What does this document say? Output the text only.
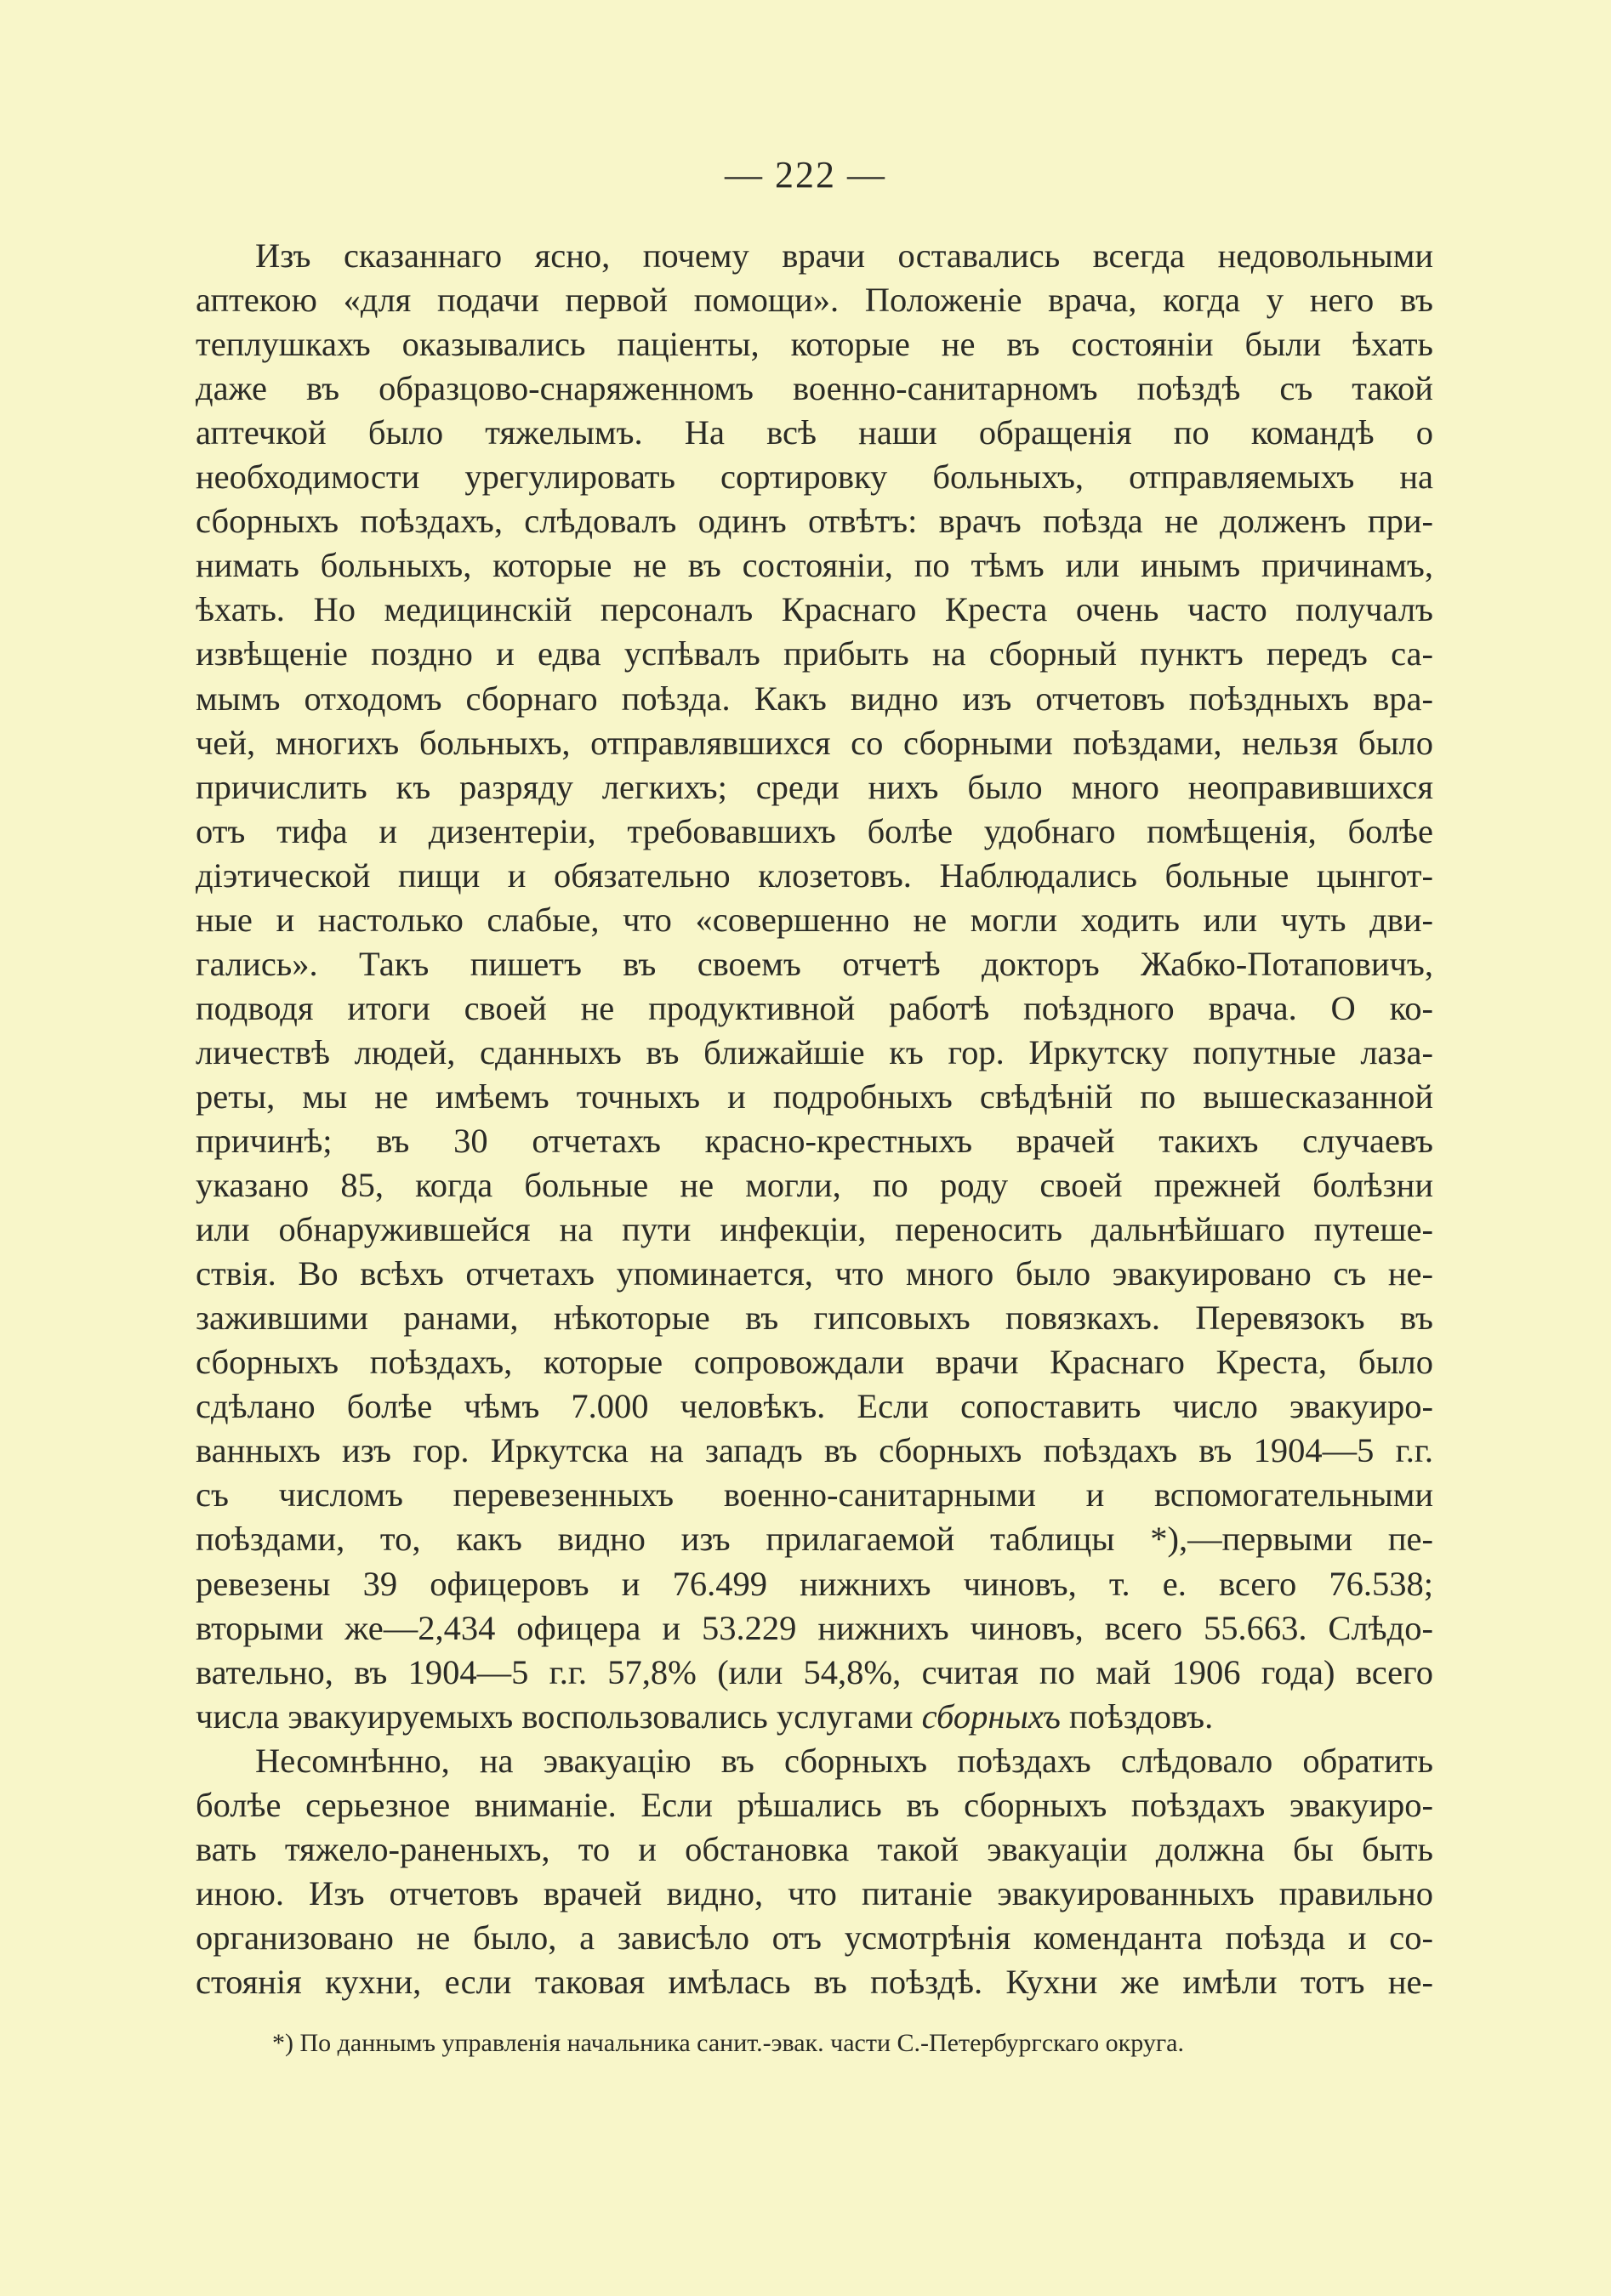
— 222 —
Изъ сказаннаго ясно, почему врачи оставались всегда недовольными
аптекою «для подачи первой помощи». Положеніе врача, когда у него въ
теплушкахъ оказывались паціенты, которые не въ состояніи были ѣхать
даже въ образцово-снаряженномъ военно-санитарномъ поѣздѣ съ такой
аптечкой было тяжелымъ. На всѣ наши обращенія по командѣ о
необходимости урегулировать сортировку больныхъ, отправляемыхъ на
сборныхъ поѣздахъ, слѣдовалъ одинъ отвѣтъ: врачъ поѣзда не долженъ при-
нимать больныхъ, которые не въ состояніи, по тѣмъ или инымъ причинамъ,
ѣхать. Но медицинскій персоналъ Краснаго Креста очень часто получалъ
извѣщеніе поздно и едва успѣвалъ прибыть на сборный пунктъ передъ са-
мымъ отходомъ сборнаго поѣзда. Какъ видно изъ отчетовъ поѣздныхъ вра-
чей, многихъ больныхъ, отправлявшихся со сборными поѣздами, нельзя было
причислить къ разряду легкихъ; среди нихъ было много неоправившихся
отъ тифа и дизентеріи, требовавшихъ болѣе удобнаго помѣщенія, болѣе
діэтической пищи и обязательно клозетовъ. Наблюдались больные цынгот-
ные и настолько слабые, что «совершенно не могли ходить или чуть дви-
гались». Такъ пишетъ въ своемъ отчетѣ докторъ Жабко-Потаповичъ,
подводя итоги своей не продуктивной работѣ поѣздного врача. О ко-
личествѣ людей, сданныхъ въ ближайшіе къ гор. Иркутску попутные лаза-
реты, мы не имѣемъ точныхъ и подробныхъ свѣдѣній по вышесказанной
причинѣ; въ 30 отчетахъ красно-крестныхъ врачей такихъ случаевъ
указано 85, когда больные не могли, по роду своей прежней болѣзни
или обнаружившейся на пути инфекціи, переносить дальнѣйшаго путеше-
ствія. Во всѣхъ отчетахъ упоминается, что много было эвакуировано съ не-
зажившими ранами, нѣкоторые въ гипсовыхъ повязкахъ. Перевязокъ въ
сборныхъ поѣздахъ, которые сопровождали врачи Краснаго Креста, было
сдѣлано болѣе чѣмъ 7.000 человѣкъ. Если сопоставить число эвакуиро-
ванныхъ изъ гор. Иркутска на западъ въ сборныхъ поѣздахъ въ 1904—5 г.г.
съ числомъ перевезенныхъ военно-санитарными и вспомогательными
поѣздами, то, какъ видно изъ прилагаемой таблицы *),—первыми пе-
ревезены 39 офицеровъ и 76.499 нижнихъ чиновъ, т. е. всего 76.538;
вторыми же—2,434 офицера и 53.229 нижнихъ чиновъ, всего 55.663. Слѣдо-
вательно, въ 1904—5 г.г. 57,8% (или 54,8%, считая по май 1906 года) всего
числа эвакуируемыхъ воспользовались услугами сборныхъ поѣздовъ.
Несомнѣнно, на эвакуацію въ сборныхъ поѣздахъ слѣдовало обратить
болѣе серьезное вниманіе. Если рѣшались въ сборныхъ поѣздахъ эвакуиро-
вать тяжело-раненыхъ, то и обстановка такой эвакуаціи должна бы быть
иною. Изъ отчетовъ врачей видно, что питаніе эвакуированныхъ правильно
организовано не было, а зависѣло отъ усмотрѣнія коменданта поѣзда и со-
стоянія кухни, если таковая имѣлась въ поѣздѣ. Кухни же имѣли тотъ не-
*) По даннымъ управленія начальника санит.-эвак. части С.-Петербургскаго округа.
